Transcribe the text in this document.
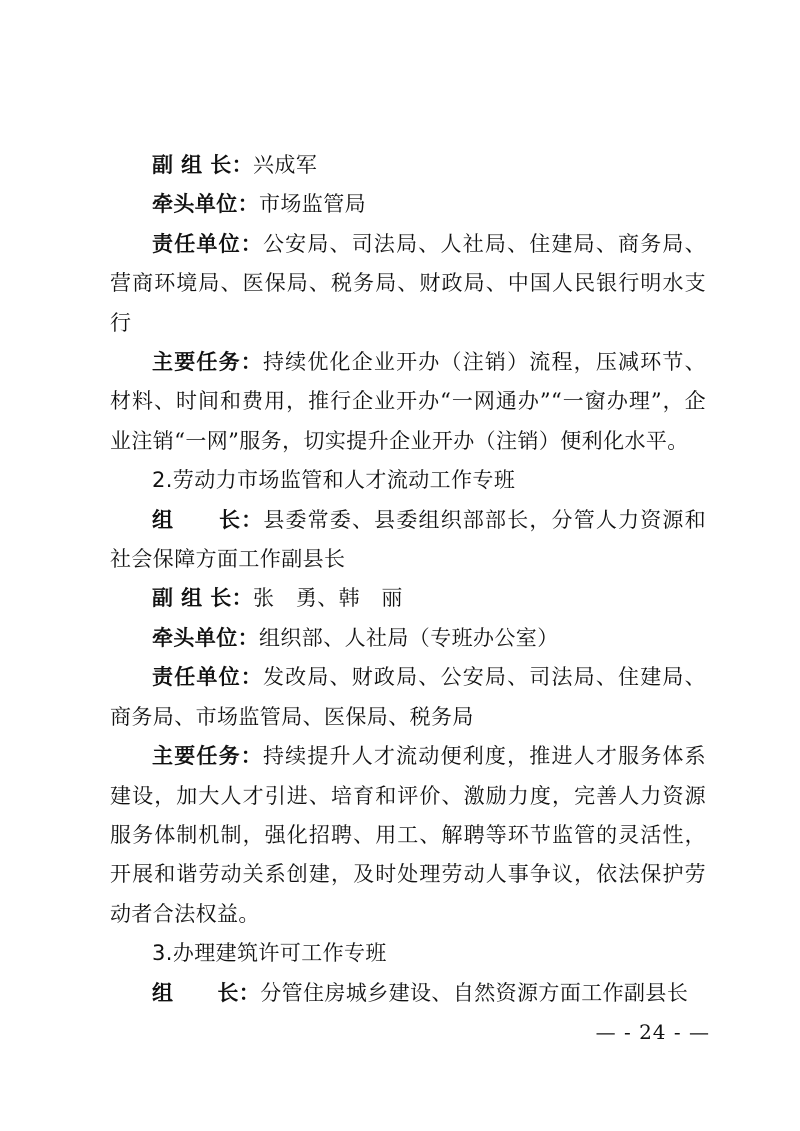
副 组 长：兴成军

牵头单位：市场监管局

责任单位：公安局、司法局、人社局、住建局、商务局、营商环境局、医保局、税务局、财政局、中国人民银行明水支行

主要任务：持续优化企业开办（注销）流程，压减环节、材料、时间和费用，推行企业开办“一网通办”“一窗办理”，企业注销“一网”服务，切实提升企业开办（注销）便利化水平。

2.劳动力市场监管和人才流动工作专班

组 长：县委常委、县委组织部部长，分管人力资源和社会保障方面工作副县长

副 组 长：张　勇、韩　丽

牵头单位：组织部、人社局（专班办公室）

责任单位：发改局、财政局、公安局、司法局、住建局、商务局、市场监管局、医保局、税务局

主要任务：持续提升人才流动便利度，推进人才服务体系建设，加大人才引进、培育和评价、激励力度，完善人力资源服务体制机制，强化招聘、用工、解聘等环节监管的灵活性，开展和谐劳动关系创建，及时处理劳动人事争议，依法保护劳动者合法权益。

3.办理建筑许可工作专班

组 长：分管住房城乡建设、自然资源方面工作副县长

— - 24 - —
